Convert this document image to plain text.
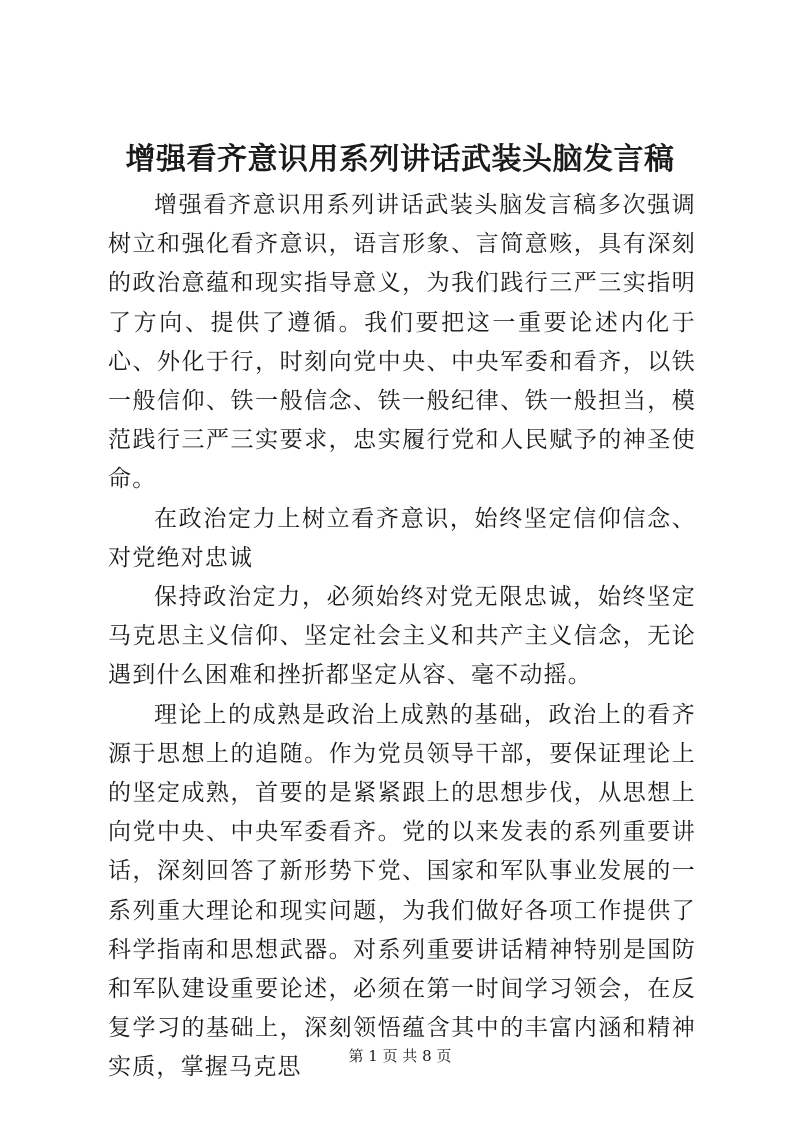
增强看齐意识用系列讲话武装头脑发言稿

增强看齐意识用系列讲话武装头脑发言稿多次强调树立和强化看齐意识，语言形象、言简意赅，具有深刻的政治意蕴和现实指导意义，为我们践行三严三实指明了方向、提供了遵循。我们要把这一重要论述内化于心、外化于行，时刻向党中央、中央军委和看齐，以铁一般信仰、铁一般信念、铁一般纪律、铁一般担当，模范践行三严三实要求，忠实履行党和人民赋予的神圣使命。

在政治定力上树立看齐意识，始终坚定信仰信念、对党绝对忠诚

保持政治定力，必须始终对党无限忠诚，始终坚定马克思主义信仰、坚定社会主义和共产主义信念，无论遇到什么困难和挫折都坚定从容、毫不动摇。

理论上的成熟是政治上成熟的基础，政治上的看齐源于思想上的追随。作为党员领导干部，要保证理论上的坚定成熟，首要的是紧紧跟上的思想步伐，从思想上向党中央、中央军委看齐。党的以来发表的系列重要讲话，深刻回答了新形势下党、国家和军队事业发展的一系列重大理论和现实问题，为我们做好各项工作提供了科学指南和思想武器。对系列重要讲话精神特别是国防和军队建设重要论述，必须在第一时间学习领会，在反复学习的基础上，深刻领悟蕴含其中的丰富内涵和精神实质，掌握马克思	第 1 页 共 8 页
